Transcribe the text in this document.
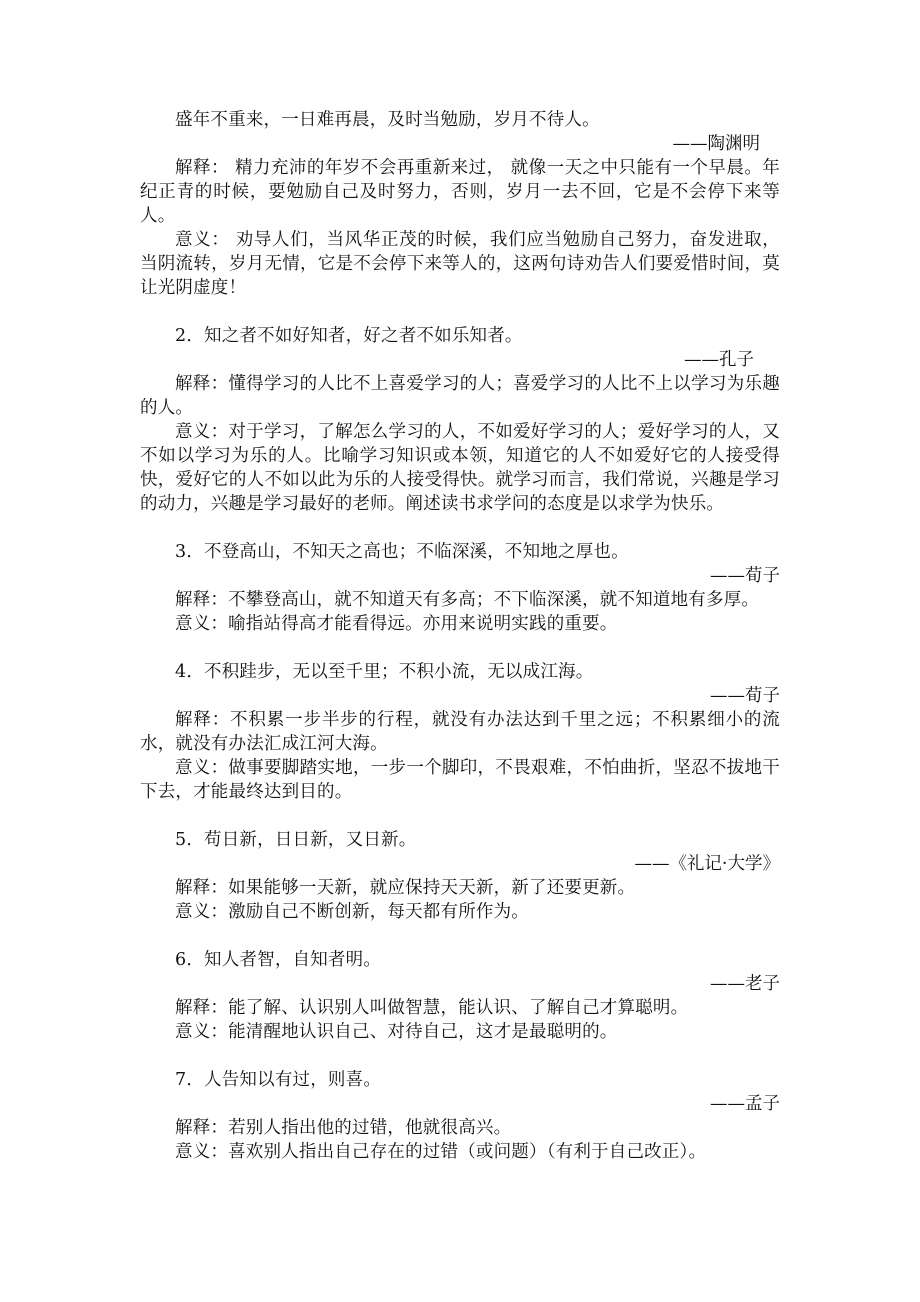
盛年不重来，一日难再晨，及时当勉励，岁月不待人。
——陶渊明
解释： 精力充沛的年岁不会再重新来过， 就像一天之中只能有一个早晨。年纪正青的时候，要勉励自己及时努力，否则，岁月一去不回，它是不会停下来等人。
意义： 劝导人们，当风华正茂的时候，我们应当勉励自己努力，奋发进取，当阴流转，岁月无情，它是不会停下来等人的，这两句诗劝告人们要爱惜时间，莫让光阴虚度！
2．知之者不如好知者，好之者不如乐知者。
——孔子
解释：懂得学习的人比不上喜爱学习的人；喜爱学习的人比不上以学习为乐趣的人。
意义：对于学习，了解怎么学习的人，不如爱好学习的人；爱好学习的人，又不如以学习为乐的人。比喻学习知识或本领，知道它的人不如爱好它的人接受得快，爱好它的人不如以此为乐的人接受得快。就学习而言，我们常说，兴趣是学习的动力，兴趣是学习最好的老师。阐述读书求学问的态度是以求学为快乐。
3．不登高山，不知天之高也；不临深溪，不知地之厚也。
——荀子
解释：不攀登高山，就不知道天有多高；不下临深溪，就不知道地有多厚。
意义：喻指站得高才能看得远。亦用来说明实践的重要。
4．不积跬步，无以至千里；不积小流，无以成江海。
——荀子
解释：不积累一步半步的行程，就没有办法达到千里之远；不积累细小的流水，就没有办法汇成江河大海。
意义：做事要脚踏实地，一步一个脚印，不畏艰难，不怕曲折，坚忍不拔地干下去，才能最终达到目的。
5．苟日新，日日新，又日新。
——《礼记·大学》
解释：如果能够一天新，就应保持天天新，新了还要更新。
意义：激励自己不断创新，每天都有所作为。
6．知人者智，自知者明。
——老子
解释：能了解、认识别人叫做智慧，能认识、了解自己才算聪明。
意义：能清醒地认识自己、对待自己，这才是最聪明的。
7．人告知以有过，则喜。
——孟子
解释：若别人指出他的过错，他就很高兴。
意义：喜欢别人指出自己存在的过错（或问题）（有利于自己改正）。
